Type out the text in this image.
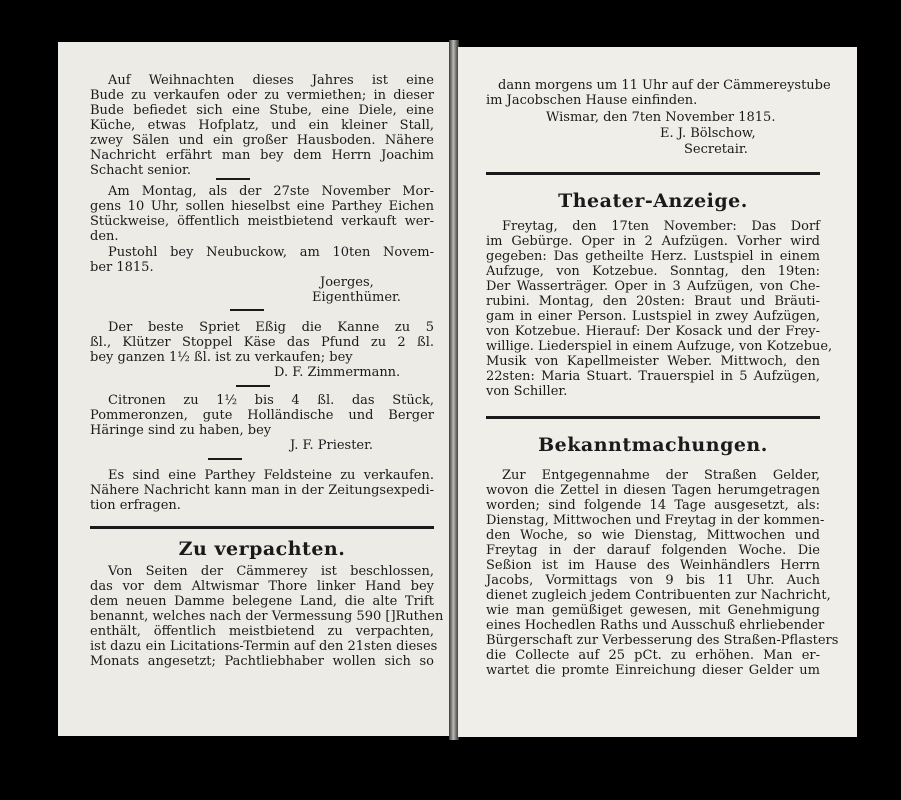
Auf Weihnachten dieses Jahres ist eine
Bude zu verkaufen oder zu vermiethen; in dieser
Bude befiedet sich eine Stube, eine Diele, eine
Küche, etwas Hofplatz, und ein kleiner Stall,
zwey Sälen und ein großer Hausboden. Nähere
Nachricht erfährt man bey dem Herrn Joachim
Schacht senior.
Am Montag, als der 27ste November Mor-
gens 10 Uhr, sollen hieselbst eine Parthey Eichen
Stückweise, öffentlich meistbietend verkauft wer-
den.
Pustohl bey Neubuckow, am 10ten Novem-
ber 1815.
Joerges,
Eigenthümer.
Der beste Spriet Eßig die Kanne zu 5
ßl., Klützer Stoppel Käse das Pfund zu 2 ßl.
bey ganzen 1½ ßl. ist zu verkaufen; bey
D. F. Zimmermann.
Citronen zu 1½ bis 4 ßl. das Stück,
Pommeronzen, gute Holländische und Berger
Häringe sind zu haben, bey
J. F. Priester.
Es sind eine Parthey Feldsteine zu verkaufen.
Nähere Nachricht kann man in der Zeitungsexpedi-
tion erfragen.
Zu verpachten.
Von Seiten der Cämmerey ist beschlossen,
das vor dem Altwismar Thore linker Hand bey
dem neuen Damme belegene Land, die alte Trift
benannt, welches nach der Vermessung 590 []Ruthen
enthält, öffentlich meistbietend zu verpachten,
ist dazu ein Licitations-Termin auf den 21sten dieses
Monats angesetzt; Pachtliebhaber wollen sich so
dann morgens um 11 Uhr auf der Cämmereystube
im Jacobschen Hause einfinden.
Wismar, den 7ten November 1815.
E. J. Bölschow,
Secretair.
Theater-Anzeige.
Freytag, den 17ten November: Das Dorf
im Gebürge. Oper in 2 Aufzügen. Vorher wird
gegeben: Das getheilte Herz. Lustspiel in einem
Aufzuge, von Kotzebue. Sonntag, den 19ten:
Der Wasserträger. Oper in 3 Aufzügen, von Che-
rubini. Montag, den 20sten: Braut und Bräuti-
gam in einer Person. Lustspiel in zwey Aufzügen,
von Kotzebue. Hierauf: Der Kosack und der Frey-
willige. Liederspiel in einem Aufzuge, von Kotzebue,
Musik von Kapellmeister Weber. Mittwoch, den
22sten: Maria Stuart. Trauerspiel in 5 Aufzügen,
von Schiller.
Bekanntmachungen.
Zur Entgegennahme der Straßen Gelder,
wovon die Zettel in diesen Tagen herumgetragen
worden; sind folgende 14 Tage ausgesetzt, als:
Dienstag, Mittwochen und Freytag in der kommen-
den Woche, so wie Dienstag, Mittwochen und
Freytag in der darauf folgenden Woche. Die
Seßion ist im Hause des Weinhändlers Herrn
Jacobs, Vormittags von 9 bis 11 Uhr. Auch
dienet zugleich jedem Contribuenten zur Nachricht,
wie man gemüßiget gewesen, mit Genehmigung
eines Hochedlen Raths und Ausschuß ehrliebender
Bürgerschaft zur Verbesserung des Straßen-Pflasters
die Collecte auf 25 pCt. zu erhöhen. Man er-
wartet die promte Einreichung dieser Gelder um
